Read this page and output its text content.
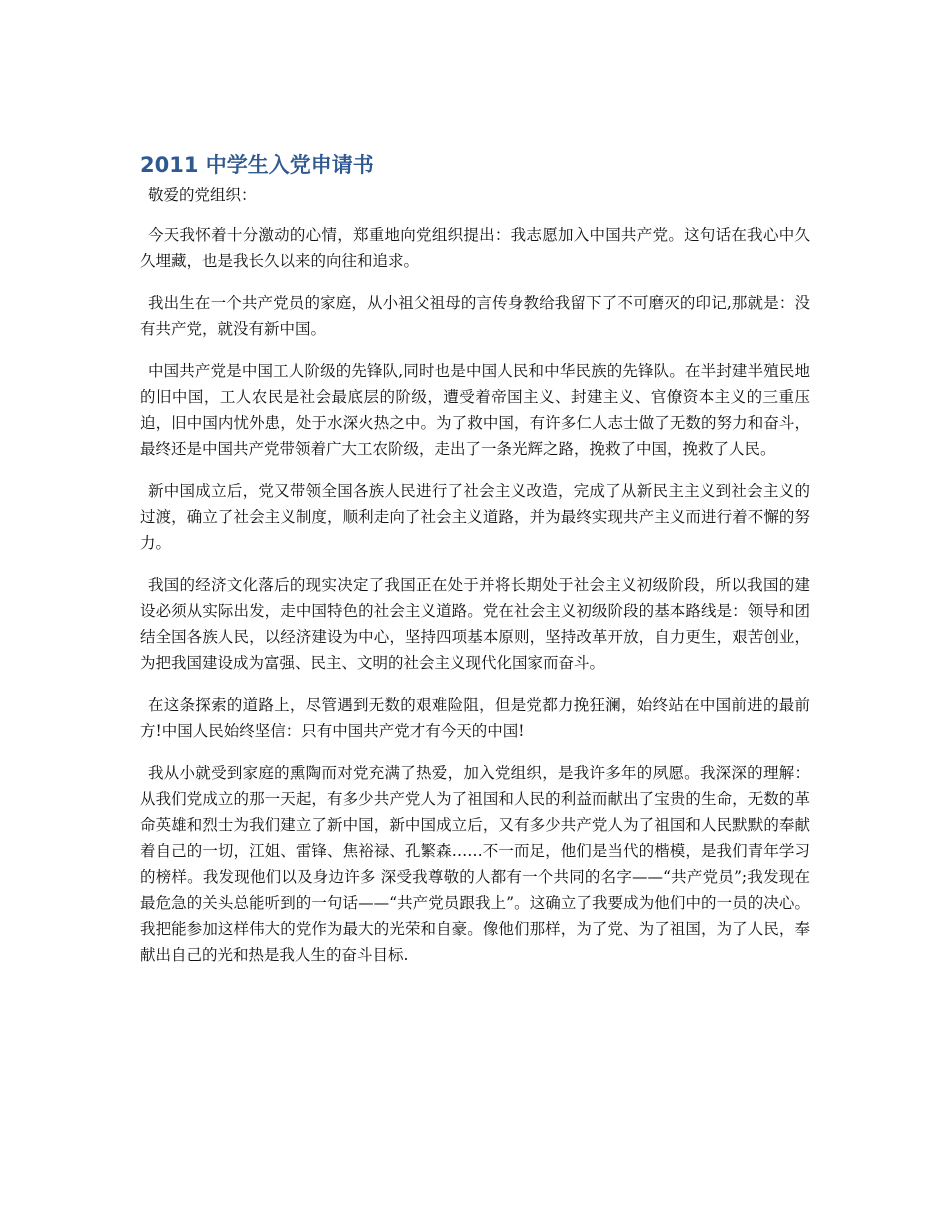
2011 中学生入党申请书

敬爱的党组织：

今天我怀着十分激动的心情，郑重地向党组织提出：我志愿加入中国共产党。这句话在我心中久久埋藏，也是我长久以来的向往和追求。

我出生在一个共产党员的家庭，从小祖父祖母的言传身教给我留下了不可磨灭的印记,那就是：没有共产党，就没有新中国。

中国共产党是中国工人阶级的先锋队,同时也是中国人民和中华民族的先锋队。在半封建半殖民地的旧中国，工人农民是社会最底层的阶级，遭受着帝国主义、封建主义、官僚资本主义的三重压迫，旧中国内忧外患，处于水深火热之中。为了救中国，有许多仁人志士做了无数的努力和奋斗，最终还是中国共产党带领着广大工农阶级，走出了一条光辉之路，挽救了中国，挽救了人民。

新中国成立后，党又带领全国各族人民进行了社会主义改造，完成了从新民主主义到社会主义的过渡，确立了社会主义制度，顺利走向了社会主义道路，并为最终实现共产主义而进行着不懈的努力。

我国的经济文化落后的现实决定了我国正在处于并将长期处于社会主义初级阶段，所以我国的建设必须从实际出发，走中国特色的社会主义道路。党在社会主义初级阶段的基本路线是：领导和团结全国各族人民，以经济建设为中心，坚持四项基本原则，坚持改革开放，自力更生，艰苦创业，为把我国建设成为富强、民主、文明的社会主义现代化国家而奋斗。

在这条探索的道路上，尽管遇到无数的艰难险阻，但是党都力挽狂澜，始终站在中国前进的最前方!中国人民始终坚信：只有中国共产党才有今天的中国!

我从小就受到家庭的熏陶而对党充满了热爱，加入党组织，是我许多年的夙愿。我深深的理解：从我们党成立的那一天起，有多少共产党人为了祖国和人民的利益而献出了宝贵的生命，无数的革命英雄和烈士为我们建立了新中国，新中国成立后，又有多少共产党人为了祖国和人民默默的奉献着自己的一切，江姐、雷锋、焦裕禄、孔繁森……不一而足，他们是当代的楷模，是我们青年学习的榜样。我发现他们以及身边许多 深受我尊敬的人都有一个共同的名字——“共产党员”;我发现在最危急的关头总能听到的一句话——“共产党员跟我上”。这确立了我要成为他们中的一员的决心。我把能参加这样伟大的党作为最大的光荣和自豪。像他们那样，为了党、为了祖国，为了人民，奉献出自己的光和热是我人生的奋斗目标.
